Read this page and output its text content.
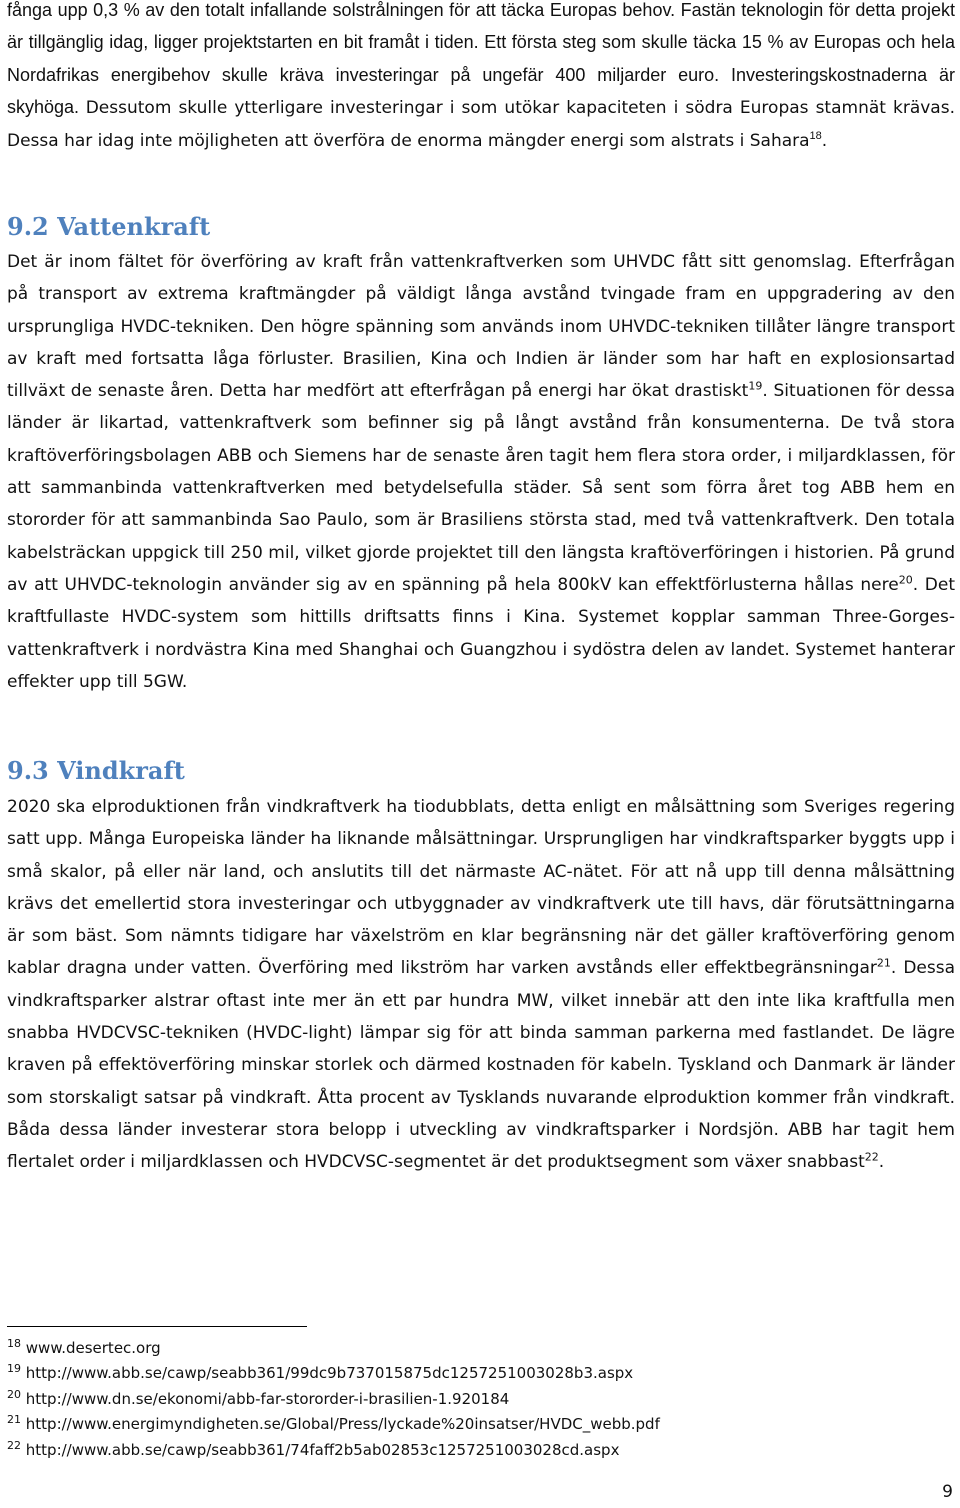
fånga upp 0,3 % av den totalt infallande solstrålningen för att täcka Europas behov. Fastän teknologin för detta projekt är tillgänglig idag, ligger projektstarten en bit framåt i tiden. Ett första steg som skulle täcka 15 % av Europas och hela Nordafrikas energibehov skulle kräva investeringar på ungefär 400 miljarder euro. Investeringskostnaderna är skyhöga. Dessutom skulle ytterligare investeringar i som utökar kapaciteten i södra Europas stamnät krävas. Dessa har idag inte möjligheten att överföra de enorma mängder energi som alstrats i Sahara$^{18}$.

9.2 Vattenkraft

Det är inom fältet för överföring av kraft från vattenkraftverken som UHVDC fått sitt genomslag. Efterfrågan på transport av extrema kraftmängder på väldigt långa avstånd tvingade fram en uppgradering av den ursprungliga HVDC-tekniken. Den högre spänning som används inom UHVDC-tekniken tillåter längre transport av kraft med fortsatta låga förluster. Brasilien, Kina och Indien är länder som har haft en explosionsartad tillväxt de senaste åren. Detta har medfört att efterfrågan på energi har ökat drastiskt$^{19}$. Situationen för dessa länder är likartad, vattenkraftverk som befinner sig på långt avstånd från konsumenterna. De två stora kraftöverföringsbolagen ABB och Siemens har de senaste åren tagit hem flera stora order, i miljardklassen, för att sammanbinda vattenkraftverken med betydelsefulla städer. Så sent som förra året tog ABB hem en stororder för att sammanbinda Sao Paulo, som är Brasiliens största stad, med två vattenkraftverk. Den totala kabelsträckan uppgick till 250 mil, vilket gjorde projektet till den längsta kraftöverföringen i historien. På grund av att UHVDC-teknologin använder sig av en spänning på hela 800kV kan effektförlusterna hållas nere$^{20}$. Det kraftfullaste HVDC-system som hittills driftsatts finns i Kina. Systemet kopplar samman Three-Gorges-vattenkraftverk i nordvästra Kina med Shanghai och Guangzhou i sydöstra delen av landet. Systemet hanterar effekter upp till 5GW.

9.3 Vindkraft

2020 ska elproduktionen från vindkraftverk ha tiodubblats, detta enligt en målsättning som Sveriges regering satt upp. Många Europeiska länder ha liknande målsättningar. Ursprungligen har vindkraftsparker byggts upp i små skalor, på eller när land, och anslutits till det närmaste AC-nätet. För att nå upp till denna målsättning krävs det emellertid stora investeringar och utbyggnader av vindkraftverk ute till havs, där förutsättningarna är som bäst. Som nämnts tidigare har växelström en klar begränsning när det gäller kraftöverföring genom kablar dragna under vatten. Överföring med likström har varken avstånds eller effektbegränsningar$^{21}$. Dessa vindkraftsparker alstrar oftast inte mer än ett par hundra MW, vilket innebär att den inte lika kraftfulla men snabba HVDCVSC-tekniken (HVDC-light) lämpar sig för att binda samman parkerna med fastlandet. De lägre kraven på effektöverföring minskar storlek och därmed kostnaden för kabeln. Tyskland och Danmark är länder som storskaligt satsar på vindkraft. Åtta procent av Tysklands nuvarande elproduktion kommer från vindkraft. Båda dessa länder investerar stora belopp i utveckling av vindkraftsparker i Nordsjön. ABB har tagit hem flertalet order i miljardklassen och HVDCVSC-segmentet är det produktsegment som växer snabbast$^{22}$.

$^{18}$ www.desertec.org
$^{19}$ http://www.abb.se/cawp/seabb361/99dc9b737015875dc1257251003028b3.aspx
$^{20}$ http://www.dn.se/ekonomi/abb-far-stororder-i-brasilien-1.920184
$^{21}$ http://www.energimyndigheten.se/Global/Press/lyckade%20insatser/HVDC_webb.pdf
$^{22}$ http://www.abb.se/cawp/seabb361/74faff2b5ab02853c1257251003028cd.aspx
9
